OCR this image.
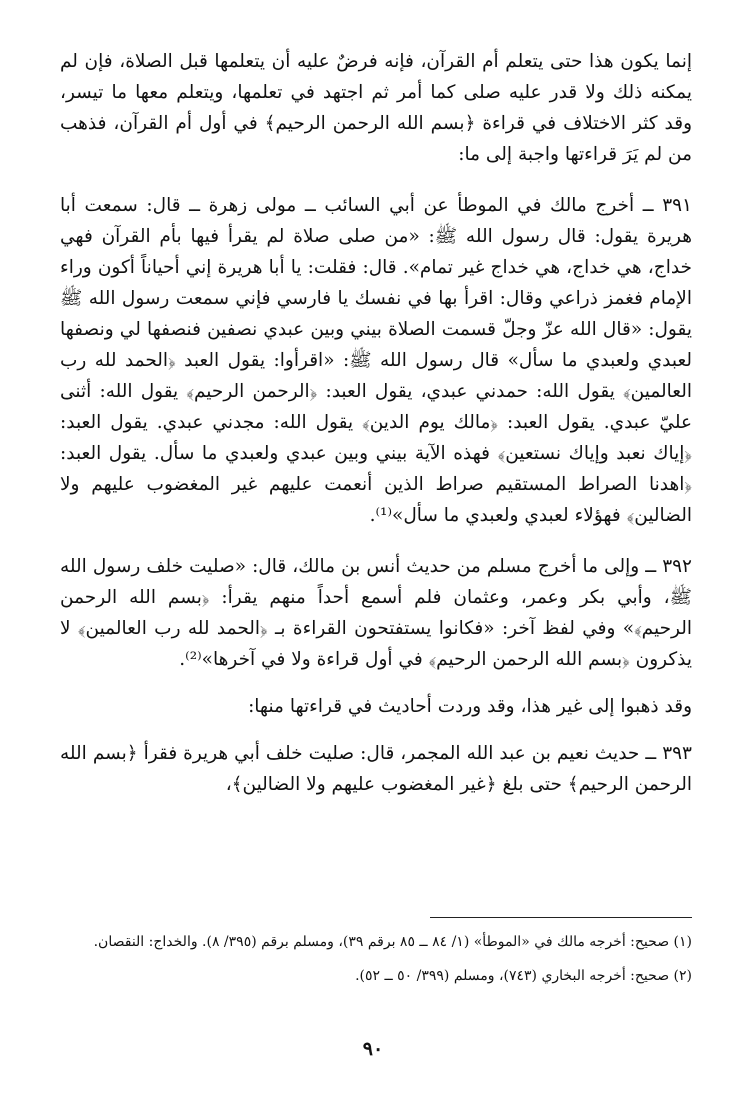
إنما يكون هذا حتى يتعلم أم القرآن، فإنه فرضٌ عليه أن يتعلمها قبل الصلاة، فإن لم يمكنه ذلك ولا قدر عليه صلى كما أمر ثم اجتهد في تعلمها، ويتعلم معها ما تيسر، وقد كثر الاختلاف في قراءة ﴿بسم الله الرحمن الرحيم﴾ في أول أم القرآن، فذهب من لم يَرَ قراءتها واجبة إلى ما:

٣٩١ ــ أخرج مالك في الموطأ عن أبي السائب ــ مولى زهرة ــ قال: سمعت أبا هريرة يقول: قال رسول الله ﷺ: «من صلى صلاة لم يقرأ فيها بأم القرآن فهي خداج، هي خداج، هي خداج غير تمام». قال: فقلت: يا أبا هريرة إني أحياناً أكون وراء الإمام فغمز ذراعي وقال: اقرأ بها في نفسك يا فارسي فإني سمعت رسول الله ﷺ يقول: «قال الله عزّ وجلّ قسمت الصلاة بيني وبين عبدي نصفين فنصفها لي ونصفها لعبدي ولعبدي ما سأل» قال رسول الله ﷺ: «اقرأوا: يقول العبد ﴿الحمد لله رب العالمين﴾ يقول الله: حمدني عبدي، يقول العبد: ﴿الرحمن الرحيم﴾ يقول الله: أثنى عليّ عبدي. يقول العبد: ﴿مالك يوم الدين﴾ يقول الله: مجدني عبدي. يقول العبد: ﴿إياك نعبد وإياك نستعين﴾ فهذه الآية بيني وبين عبدي ولعبدي ما سأل. يقول العبد: ﴿اهدنا الصراط المستقيم صراط الذين أنعمت عليهم غير المغضوب عليهم ولا الضالين﴾ فهؤلاء لعبدي ولعبدي ما سأل»⁽¹⁾.

٣٩٢ ــ وإلى ما أخرج مسلم من حديث أنس بن مالك، قال: «صليت خلف رسول الله ﷺ، وأبي بكر وعمر، وعثمان فلم أسمع أحداً منهم يقرأ: ﴿بسم الله الرحمن الرحيم﴾» وفي لفظ آخر: «فكانوا يستفتحون القراءة بـ ﴿الحمد لله رب العالمين﴾ لا يذكرون ﴿بسم الله الرحمن الرحيم﴾ في أول قراءة ولا في آخرها»⁽²⁾.

وقد ذهبوا إلى غير هذا، وقد وردت أحاديث في قراءتها منها:

٣٩٣ ــ حديث نعيم بن عبد الله المجمر، قال: صليت خلف أبي هريرة فقرأ ﴿بسم الله الرحمن الرحيم﴾ حتى بلغ ﴿غير المغضوب عليهم ولا الضالين﴾،

(١) صحيح: أخرجه مالك في «الموطأ» (١/ ٨٤ ــ ٨٥ برقم ٣٩)، ومسلم برقم (٣٩٥/ ٨). والخداج: النقصان.

(٢) صحيح: أخرجه البخاري (٧٤٣)، ومسلم (٣٩٩/ ٥٠ ــ ٥٢).

٩٠
